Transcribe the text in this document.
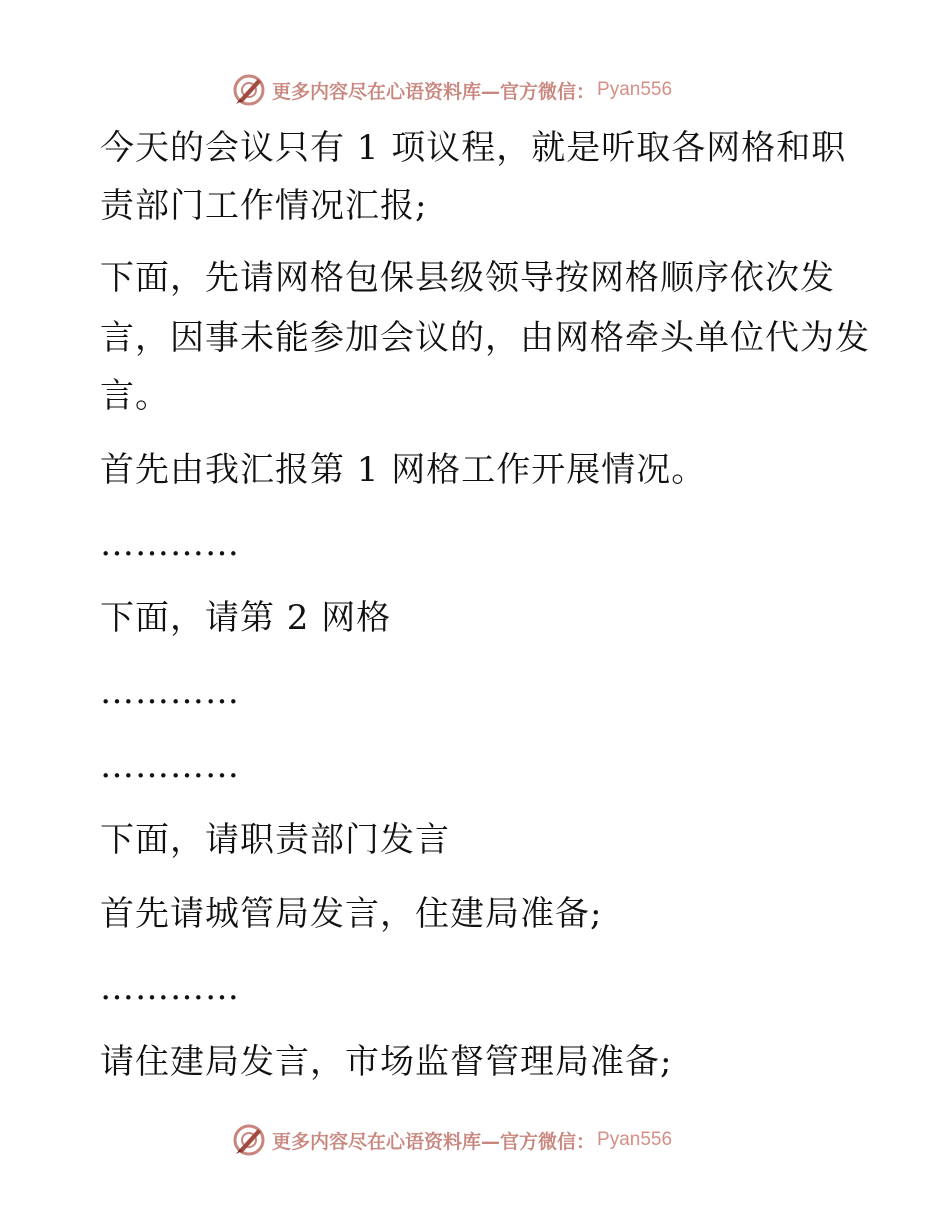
更多内容尽在心语资料库—官方微信： Pyan556
今天的会议只有 1 项议程，就是听取各网格和职
责部门工作情况汇报;
下面，先请网格包保县级领导按网格顺序依次发
言，因事未能参加会议的，由网格牵头单位代为发
言。
首先由我汇报第 1 网格工作开展情况。
…………
下面，请第 2 网格
…………
…………
下面，请职责部门发言
首先请城管局发言，住建局准备;
…………
请住建局发言，市场监督管理局准备;
更多内容尽在心语资料库—官方微信： Pyan556
